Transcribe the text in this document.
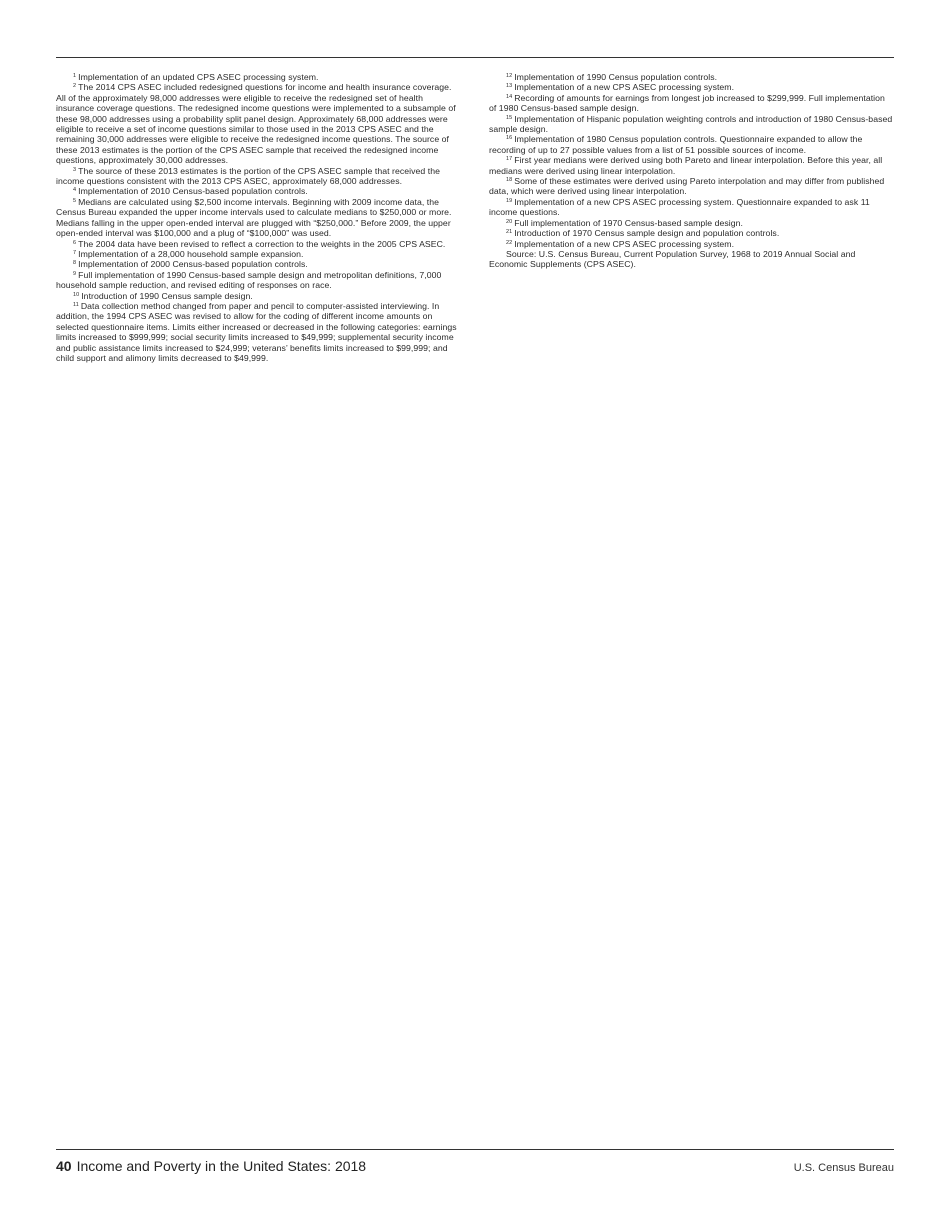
$^1$ Implementation of an updated CPS ASEC processing system.

$^2$ The 2014 CPS ASEC included redesigned questions for income and health insurance coverage. All of the approximately 98,000 addresses were eligible to receive the redesigned set of health insurance coverage questions. The redesigned income questions were implemented to a subsample of these 98,000 addresses using a probability split panel design. Approximately 68,000 addresses were eligible to receive a set of income questions similar to those used in the 2013 CPS ASEC and the remaining 30,000 addresses were eligible to receive the redesigned income questions. The source of these 2013 estimates is the portion of the CPS ASEC sample that received the redesigned income questions, approximately 30,000 addresses.

$^3$ The source of these 2013 estimates is the portion of the CPS ASEC sample that received the income questions consistent with the 2013 CPS ASEC, approximately 68,000 addresses.

$^4$ Implementation of 2010 Census-based population controls.

$^5$ Medians are calculated using $2,500 income intervals. Beginning with 2009 income data, the Census Bureau expanded the upper income intervals used to calculate medians to $250,000 or more. Medians falling in the upper open-ended interval are plugged with “$250,000.” Before 2009, the upper open-ended interval was $100,000 and a plug of “$100,000” was used.

$^6$ The 2004 data have been revised to reflect a correction to the weights in the 2005 CPS ASEC.

$^7$ Implementation of a 28,000 household sample expansion.

$^8$ Implementation of 2000 Census-based population controls.

$^9$ Full implementation of 1990 Census-based sample design and metropolitan definitions, 7,000 household sample reduction, and revised editing of responses on race.

$^{10}$ Introduction of 1990 Census sample design.

$^{11}$ Data collection method changed from paper and pencil to computer-assisted interviewing. In addition, the 1994 CPS ASEC was revised to allow for the coding of different income amounts on selected questionnaire items. Limits either increased or decreased in the following categories: earnings limits increased to $999,999; social security limits increased to $49,999; supplemental security income and public assistance limits increased to $24,999; veterans’ benefits limits increased to $99,999; and child support and alimony limits decreased to $49,999.

$^{12}$ Implementation of 1990 Census population controls.

$^{13}$ Implementation of a new CPS ASEC processing system.

$^{14}$ Recording of amounts for earnings from longest job increased to $299,999. Full implementation of 1980 Census-based sample design.

$^{15}$ Implementation of Hispanic population weighting controls and introduction of 1980 Census-based sample design.

$^{16}$ Implementation of 1980 Census population controls. Questionnaire expanded to allow the recording of up to 27 possible values from a list of 51 possible sources of income.

$^{17}$ First year medians were derived using both Pareto and linear interpolation. Before this year, all medians were derived using linear interpolation.

$^{18}$ Some of these estimates were derived using Pareto interpolation and may differ from published data, which were derived using linear interpolation.

$^{19}$ Implementation of a new CPS ASEC processing system. Questionnaire expanded to ask 11 income questions.

$^{20}$ Full implementation of 1970 Census-based sample design.

$^{21}$ Introduction of 1970 Census sample design and population controls.

$^{22}$ Implementation of a new CPS ASEC processing system.

Source: U.S. Census Bureau, Current Population Survey, 1968 to 2019 Annual Social and Economic Supplements (CPS ASEC).

40 Income and Poverty in the United States: 2018	U.S. Census Bureau
